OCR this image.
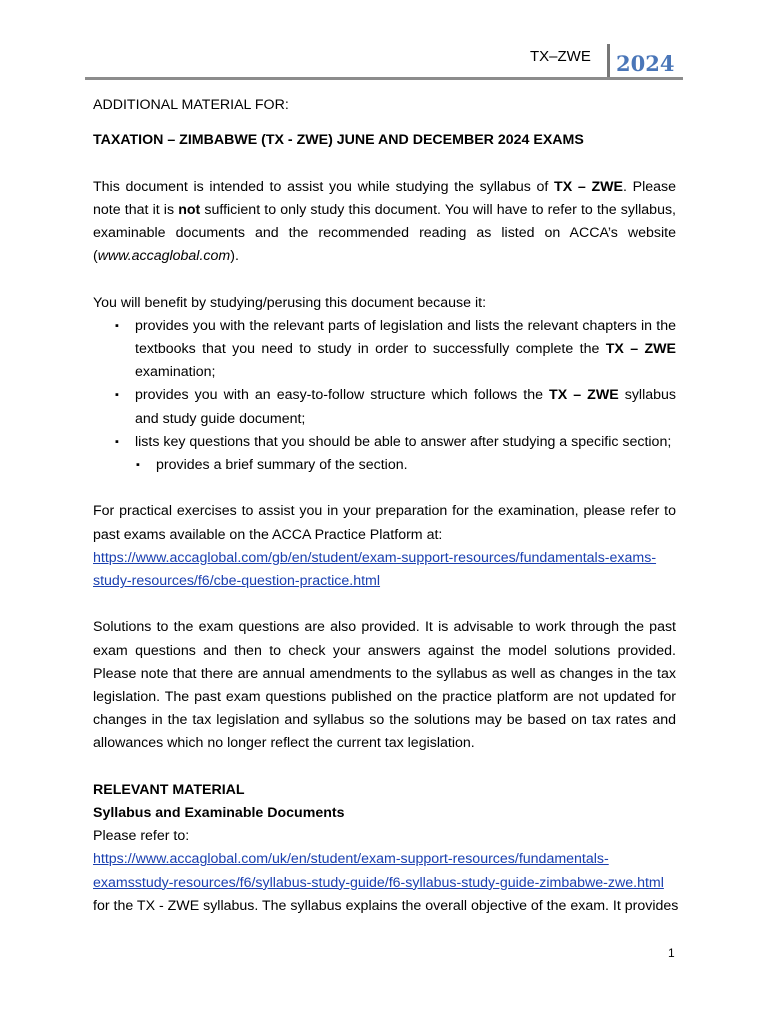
TX–ZWE 2024

ADDITIONAL MATERIAL FOR:

TAXATION – ZIMBABWE (TX - ZWE) JUNE AND DECEMBER 2024 EXAMS

This document is intended to assist you while studying the syllabus of TX – ZWE. Please note that it is not sufficient to only study this document. You will have to refer to the syllabus, examinable documents and the recommended reading as listed on ACCA’s website (www.accaglobal.com).

You will benefit by studying/perusing this document because it:

▪ provides you with the relevant parts of legislation and lists the relevant chapters in the textbooks that you need to study in order to successfully complete the TX – ZWE examination;
▪ provides you with an easy-to-follow structure which follows the TX – ZWE syllabus and study guide document;
▪ lists key questions that you should be able to answer after studying a specific section;
▪ provides a brief summary of the section.

For practical exercises to assist you in your preparation for the examination, please refer to past exams available on the ACCA Practice Platform at:

https://www.accaglobal.com/gb/en/student/exam-support-resources/fundamentals-exams-
study-resources/f6/cbe-question-practice.html

Solutions to the exam questions are also provided. It is advisable to work through the past exam questions and then to check your answers against the model solutions provided. Please note that there are annual amendments to the syllabus as well as changes in the tax legislation. The past exam questions published on the practice platform are not updated for changes in the tax legislation and syllabus so the solutions may be based on tax rates and allowances which no longer reflect the current tax legislation.

RELEVANT MATERIAL

Syllabus and Examinable Documents

Please refer to:

https://www.accaglobal.com/uk/en/student/exam-support-resources/fundamentals-
examsstudy-resources/f6/syllabus-study-guide/f6-syllabus-study-guide-zimbabwe-zwe.html

for the TX - ZWE syllabus. The syllabus explains the overall objective of the exam. It provides

1
